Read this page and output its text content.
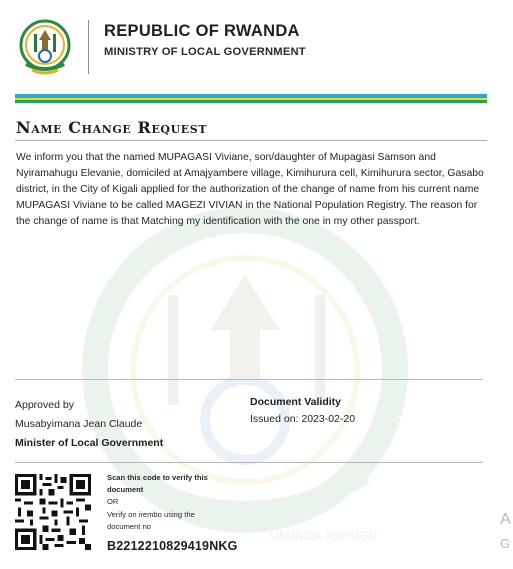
UKUNDA IGIHUGU
REPUBLIC OF RWANDA
MINISTRY OF LOCAL GOVERNMENT
Name Change Request
We inform you that the named MUPAGASI Viviane, son/daughter of Mupagasi Samson and Nyiramahugu Elevanie, domiciled at Amajyambere village, Kimihurura cell, Kimihurura sector, Gasabo district, in the City of Kigali applied for the authorization of the change of name from his current name MUPAGASI Viviane to be called MAGEZI VIVIAN in the National Population Registry. The reason for the change of name is that Matching my identification with the one in my other passport.
Approved by
Musabyimana Jean Claude
Minister of Local Government
Document Validity
Issued on: 2023-02-20
Scan this code to verify this document
OR
Verify on irembo using the document no
B2212210829419NKG
A
G
